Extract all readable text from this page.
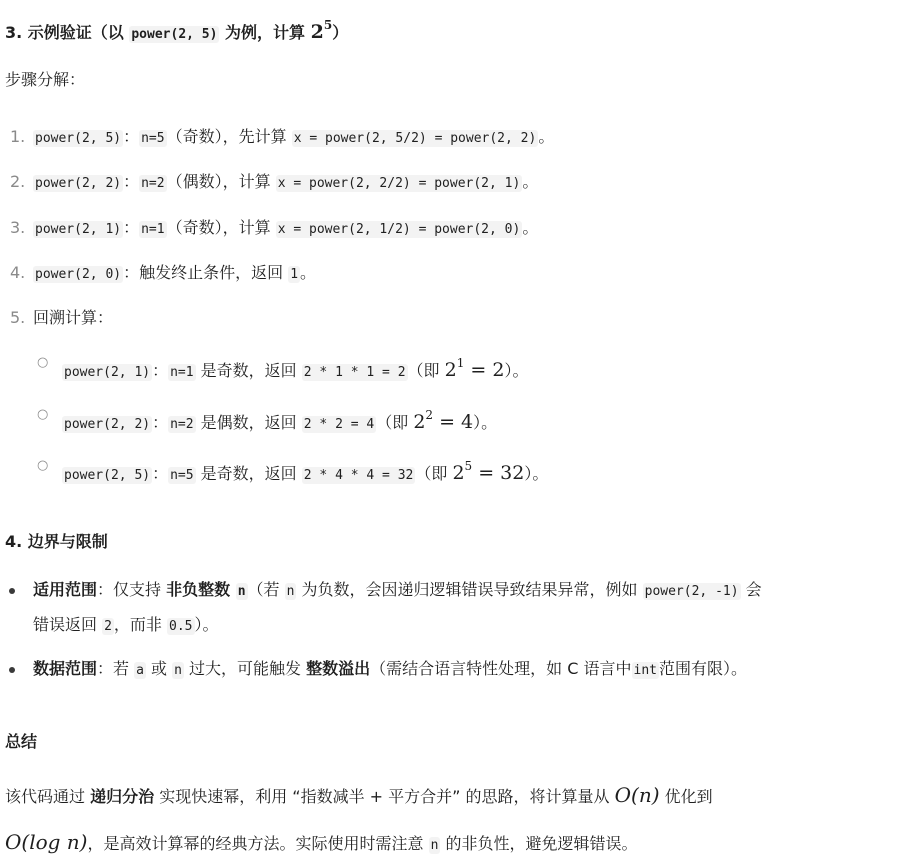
3. 示例验证（以 power(2, 5) 为例，计算 $2^5$）
步骤分解：
1. power(2, 5) ： n=5 （奇数），先计算 x = power(2, 5/2) = power(2, 2) 。
2. power(2, 2) ： n=2 （偶数），计算 x = power(2, 2/2) = power(2, 1) 。
3. power(2, 1) ： n=1 （奇数），计算 x = power(2, 1/2) = power(2, 0) 。
4. power(2, 0) ：触发终止条件，返回 1 。
5. 回溯计算：
○
power(2, 1) ： n=1 是奇数，返回 2 * 1 * 1 = 2 （即 $2^1 = 2$）。
○
power(2, 2) ： n=2 是偶数，返回 2 * 2 = 4 （即 $2^2 = 4$）。
○
power(2, 5) ： n=5 是奇数，返回 2 * 4 * 4 = 32 （即 $2^5 = 32$）。
4. 边界与限制
适用范围：仅支持 非负整数 n （若 n 为负数，会因递归逻辑错误导致结果异常，例如 power(2, -1) 会
错误返回 2 ，而非 0.5 ）。
数据范围：若 a 或 n 过大，可能触发 整数溢出（需结合语言特性处理，如 C 语言中 int 范围有限）。
总结
该代码通过 递归分治 实现快速幂，利用 “指数减半 + 平方合并” 的思路，将计算量从 O(n) 优化到
O(log n)，是高效计算幂的经典方法。实际使用时需注意 n 的非负性，避免逻辑错误。
